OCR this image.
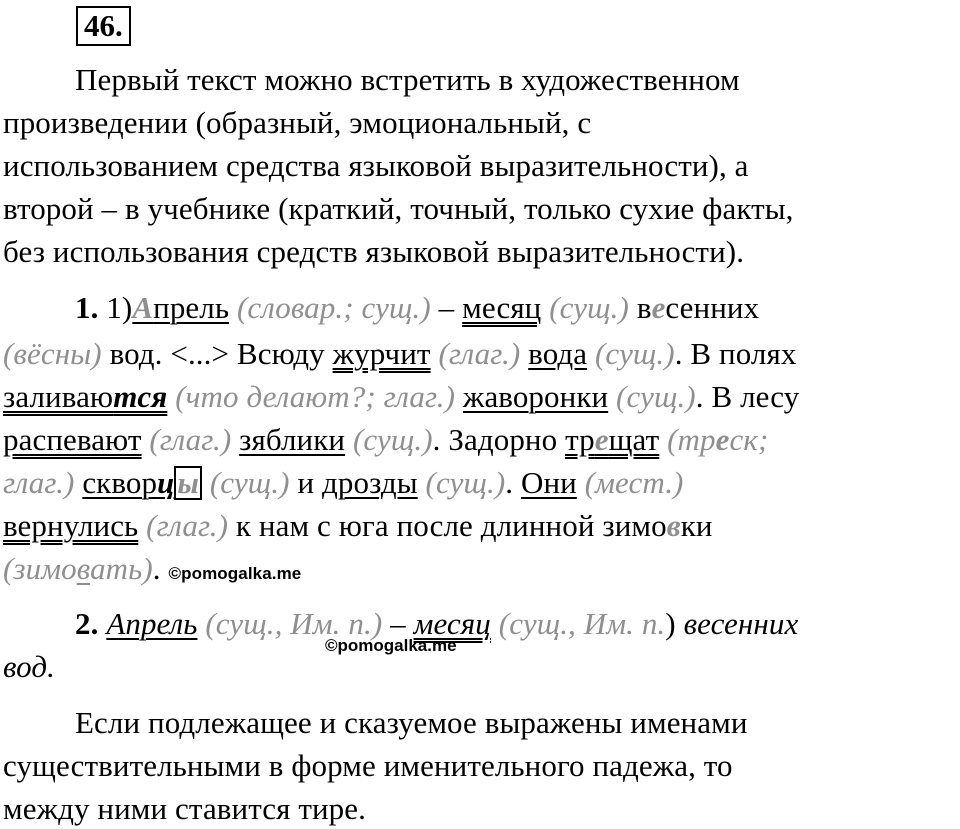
46.
Первый текст можно встретить в художественном
произведении (образный, эмоциональный, с
использованием средства языковой выразительности), а
второй – в учебнике (краткий, точный, только сухие факты,
без использования средств языковой выразительности).
1. 1)Апрель (словар.; сущ.) – месяц (сущ.) весенних
(вёсны) вод. <...> Всюду журчит (глаг.) вода (сущ.). В полях
заливаются (что делают?; глаг.) жаворонки (сущ.). В лесу
распевают (глаг.) зяблики (сущ.). Задорно трещат (треск;
глаг.) скворцы (сущ.) и дрозды (сущ.). Они (мест.)
вернулись (глаг.) к нам с юга после длинной зимовки
(зимовать). ©pomogalka.me
2. Апрель (сущ., Им. п.) – месяц (сущ., Им. п.) весенних
©pomogalka.me
вод.
Если подлежащее и сказуемое выражены именами
существительными в форме именительного падежа, то
между ними ставится тире.
